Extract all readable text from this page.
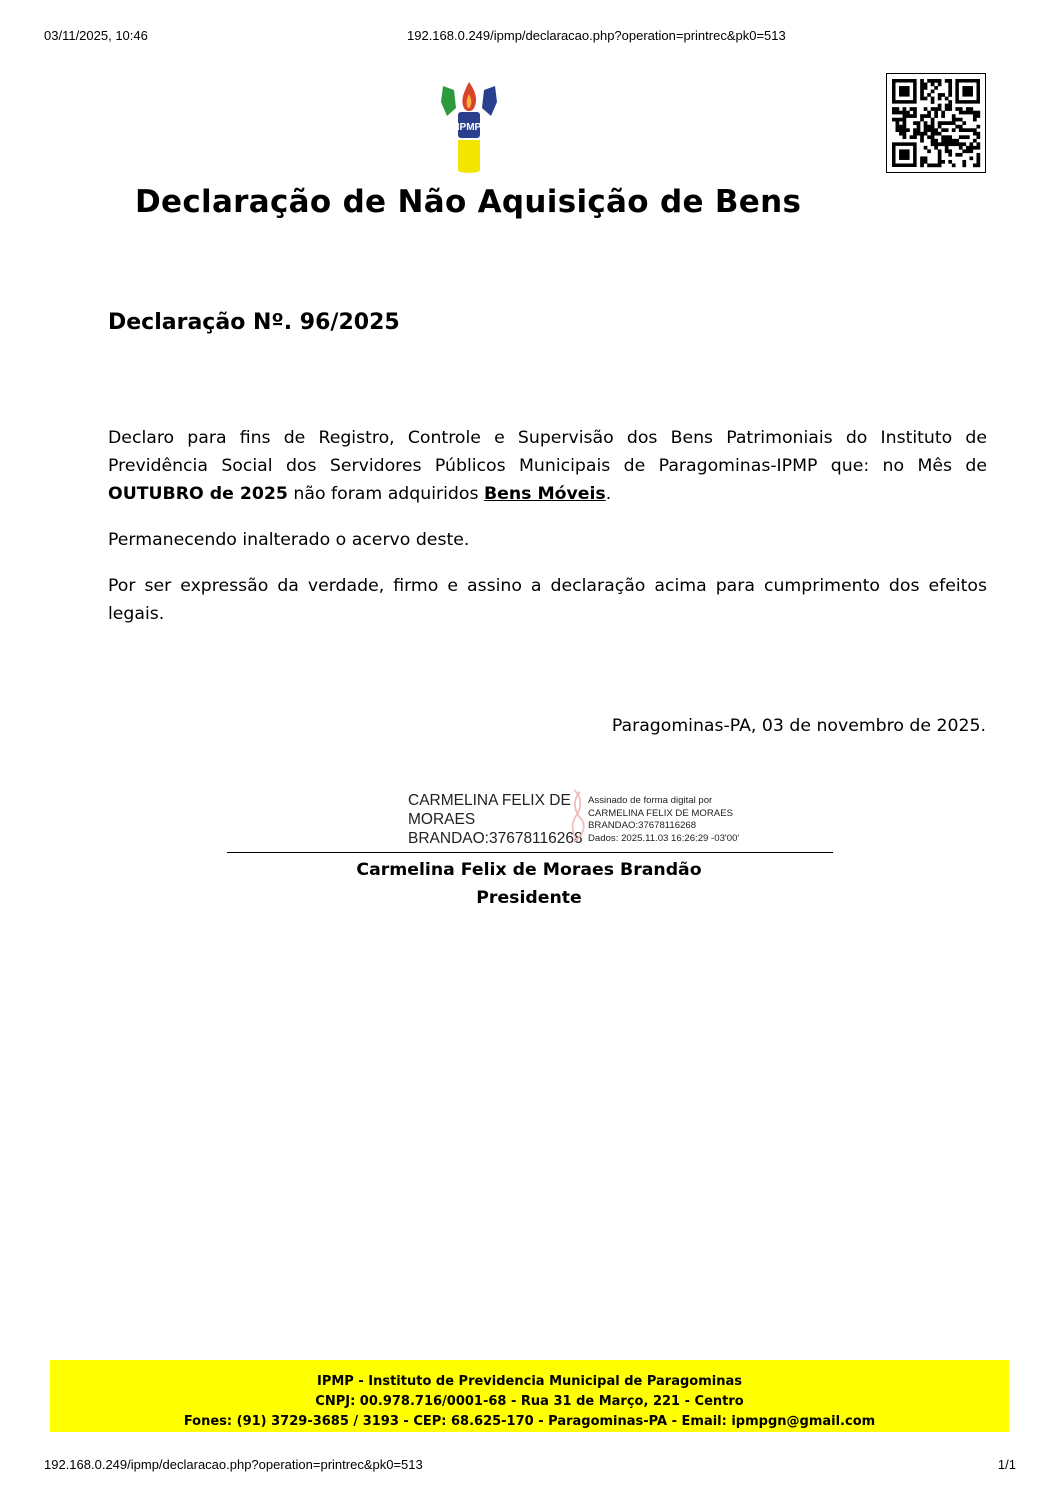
03/11/2025, 10:46	192.168.0.249/ipmp/declaracao.php?operation=printrec&pk0=513
IPMP
Declaração de Não Aquisição de Bens
Declaração Nº. 96/2025
Declaro para fins de Registro, Controle e Supervisão dos Bens Patrimoniais do Instituto de Previdência Social dos Servidores Públicos Municipais de Paragominas-IPMP que: no Mês de OUTUBRO de 2025 não foram adquiridos Bens Móveis.
Permanecendo inalterado o acervo deste.
Por ser expressão da verdade, firmo e assino a declaração acima para cumprimento dos efeitos legais.
Paragominas-PA, 03 de novembro de 2025.
CARMELINA FELIX DE
MORAES
BRANDAO:37678116268
Assinado de forma digital por
CARMELINA FELIX DE MORAES
BRANDAO:37678116268
Dados: 2025.11.03 16:26:29 -03'00'
Carmelina Felix de Moraes Brandão
Presidente
IPMP - Instituto de Previdencia Municipal de Paragominas
CNPJ: 00.978.716/0001-68 - Rua 31 de Março, 221 - Centro
Fones: (91) 3729-3685 / 3193 - CEP: 68.625-170 - Paragominas-PA - Email: ipmpgn@gmail.com
192.168.0.249/ipmp/declaracao.php?operation=printrec&pk0=513	1/1
